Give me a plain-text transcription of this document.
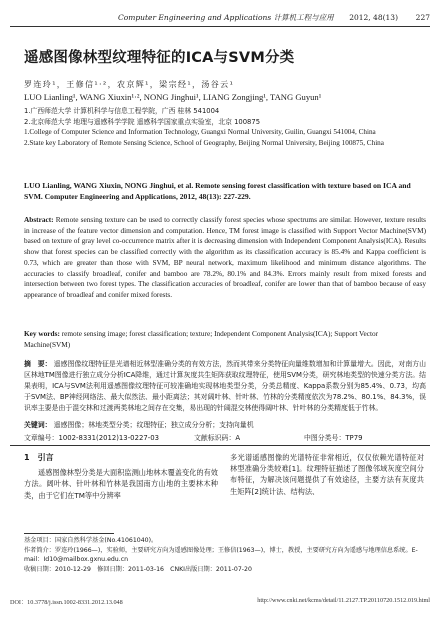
Computer Engineering and Applications 计算机工程与应用 2012, 48(13)	227
遥感图像林型纹理特征的ICA与SVM分类
罗连玲¹，王修信¹·²，农京辉¹，梁宗经¹，汤谷云¹
LUO Lianling¹, WANG Xiuxin¹·², NONG Jinghui¹, LIANG Zongjing¹, TANG Guyun¹
1.广西师范大学 计算机科学与信息工程学院，广西 桂林 541004
2.北京师范大学 地理与遥感科学学院 遥感科学国家重点实验室，北京 100875
1.College of Computer Science and Information Technology, Guangxi Normal University, Guilin, Guangxi 541004, China
2.State key Laboratory of Remote Sensing Science, School of Geography, Beijing Normal University, Beijing 100875, China
LUO Lianling, WANG Xiuxin, NONG Jinghui, et al. Remote sensing forest classification with texture based on ICA and SVM. Computer Engineering and Applications, 2012, 48(13): 227-229.
Abstract: Remote sensing texture can be used to correctly classify forest species whose spectrums are similar. However, texture results in increase of the feature vector dimension and computation. Hence, TM forest image is classified with Support Vector Machine(SVM) based on texture of gray level co-occurrence matrix after it is decreasing dimension with Independent Component Analysis(ICA). Results show that forest species can be classified correctly with the algorithm as its classification accuracy is 85.4% and Kappa coefficient is 0.73, which are greater than those with SVM, BP neural network, maximum likelihood and minimum distance algorithms. The accuracies to classify broadleaf, conifer and bamboo are 78.2%, 80.1% and 84.3%. Errors mainly result from mixed forests and intersection between two forest types. The classification accuracies of broadleaf, conifer are lower than that of bamboo because of easy appearance of broadleaf and conifer mixed forests.
Key words: remote sensing image; forest classification; texture; Independent Component Analysis(ICA); Support Vector Machine(SVM)
摘　要： 遥感图像纹理特征是光谱相近林型准确分类的有效方法，然而其带来分类特征向量维数增加和计算量增大。因此，对南方山区林地TM图像进行独立成分分析ICA降维，通过计算灰度共生矩阵获取纹理特征，使用SVM分类，研究林地类型的快速分类方法。结果表明，ICA与SVM法利用遥感图像纹理特征可较准确地实现林地类型分类，分类总精度、Kappa系数分别为85.4%、0.73，均高于SVM法、BP神经网络法、最大似然法、最小距离法；其对阔叶林、针叶林、竹林的分类精度依次为78.2%、80.1%、84.3%，误识率主要是由于混交林和过渡两类林地之间存在交集，易出现的针阔混交林使得阔叶林、针叶林的分类精度低于竹林。
关键词： 遥感图像；林地类型分类；纹理特征；独立成分分析；支持向量机
文章编号：1002-8331(2012)13-0227-03	文献标识码：A	中图分类号：TP79
1　引言
遥感图像林型分类是大面积监测山地林木覆盖变化的有效方法。阔叶林、针叶林和竹林是我国南方山地的主要林木种类，由于它们在TM等中分辨率
多光谱遥感图像的光谱特征非常相近，仅仅依赖光谱特征对林型准确分类较难[1]。纹理特征描述了图像邻域灰度空间分布特征，为解决该问题提供了有效途径，主要方法有灰度共生矩阵[2]统计法、结构法、
基金项目：国家自然科学基金(No.41061040)。
作者简介：罗连玲(1966—)，实验师，主要研究方向为遥感图像处理；王修信(1963—)，博士，教授，主要研究方向为遥感与地理信息系统。E-mail：Id10@mailbox.gxnu.edu.cn
收稿日期：2010-12-29　修回日期：2011-03-16　CNKI出版日期：2011-07-20
DOI：10.3778/j.issn.1002-8331.2012.13.048	http://www.cnki.net/kcms/detail/11.2127.TP.20110720.1512.019.html
